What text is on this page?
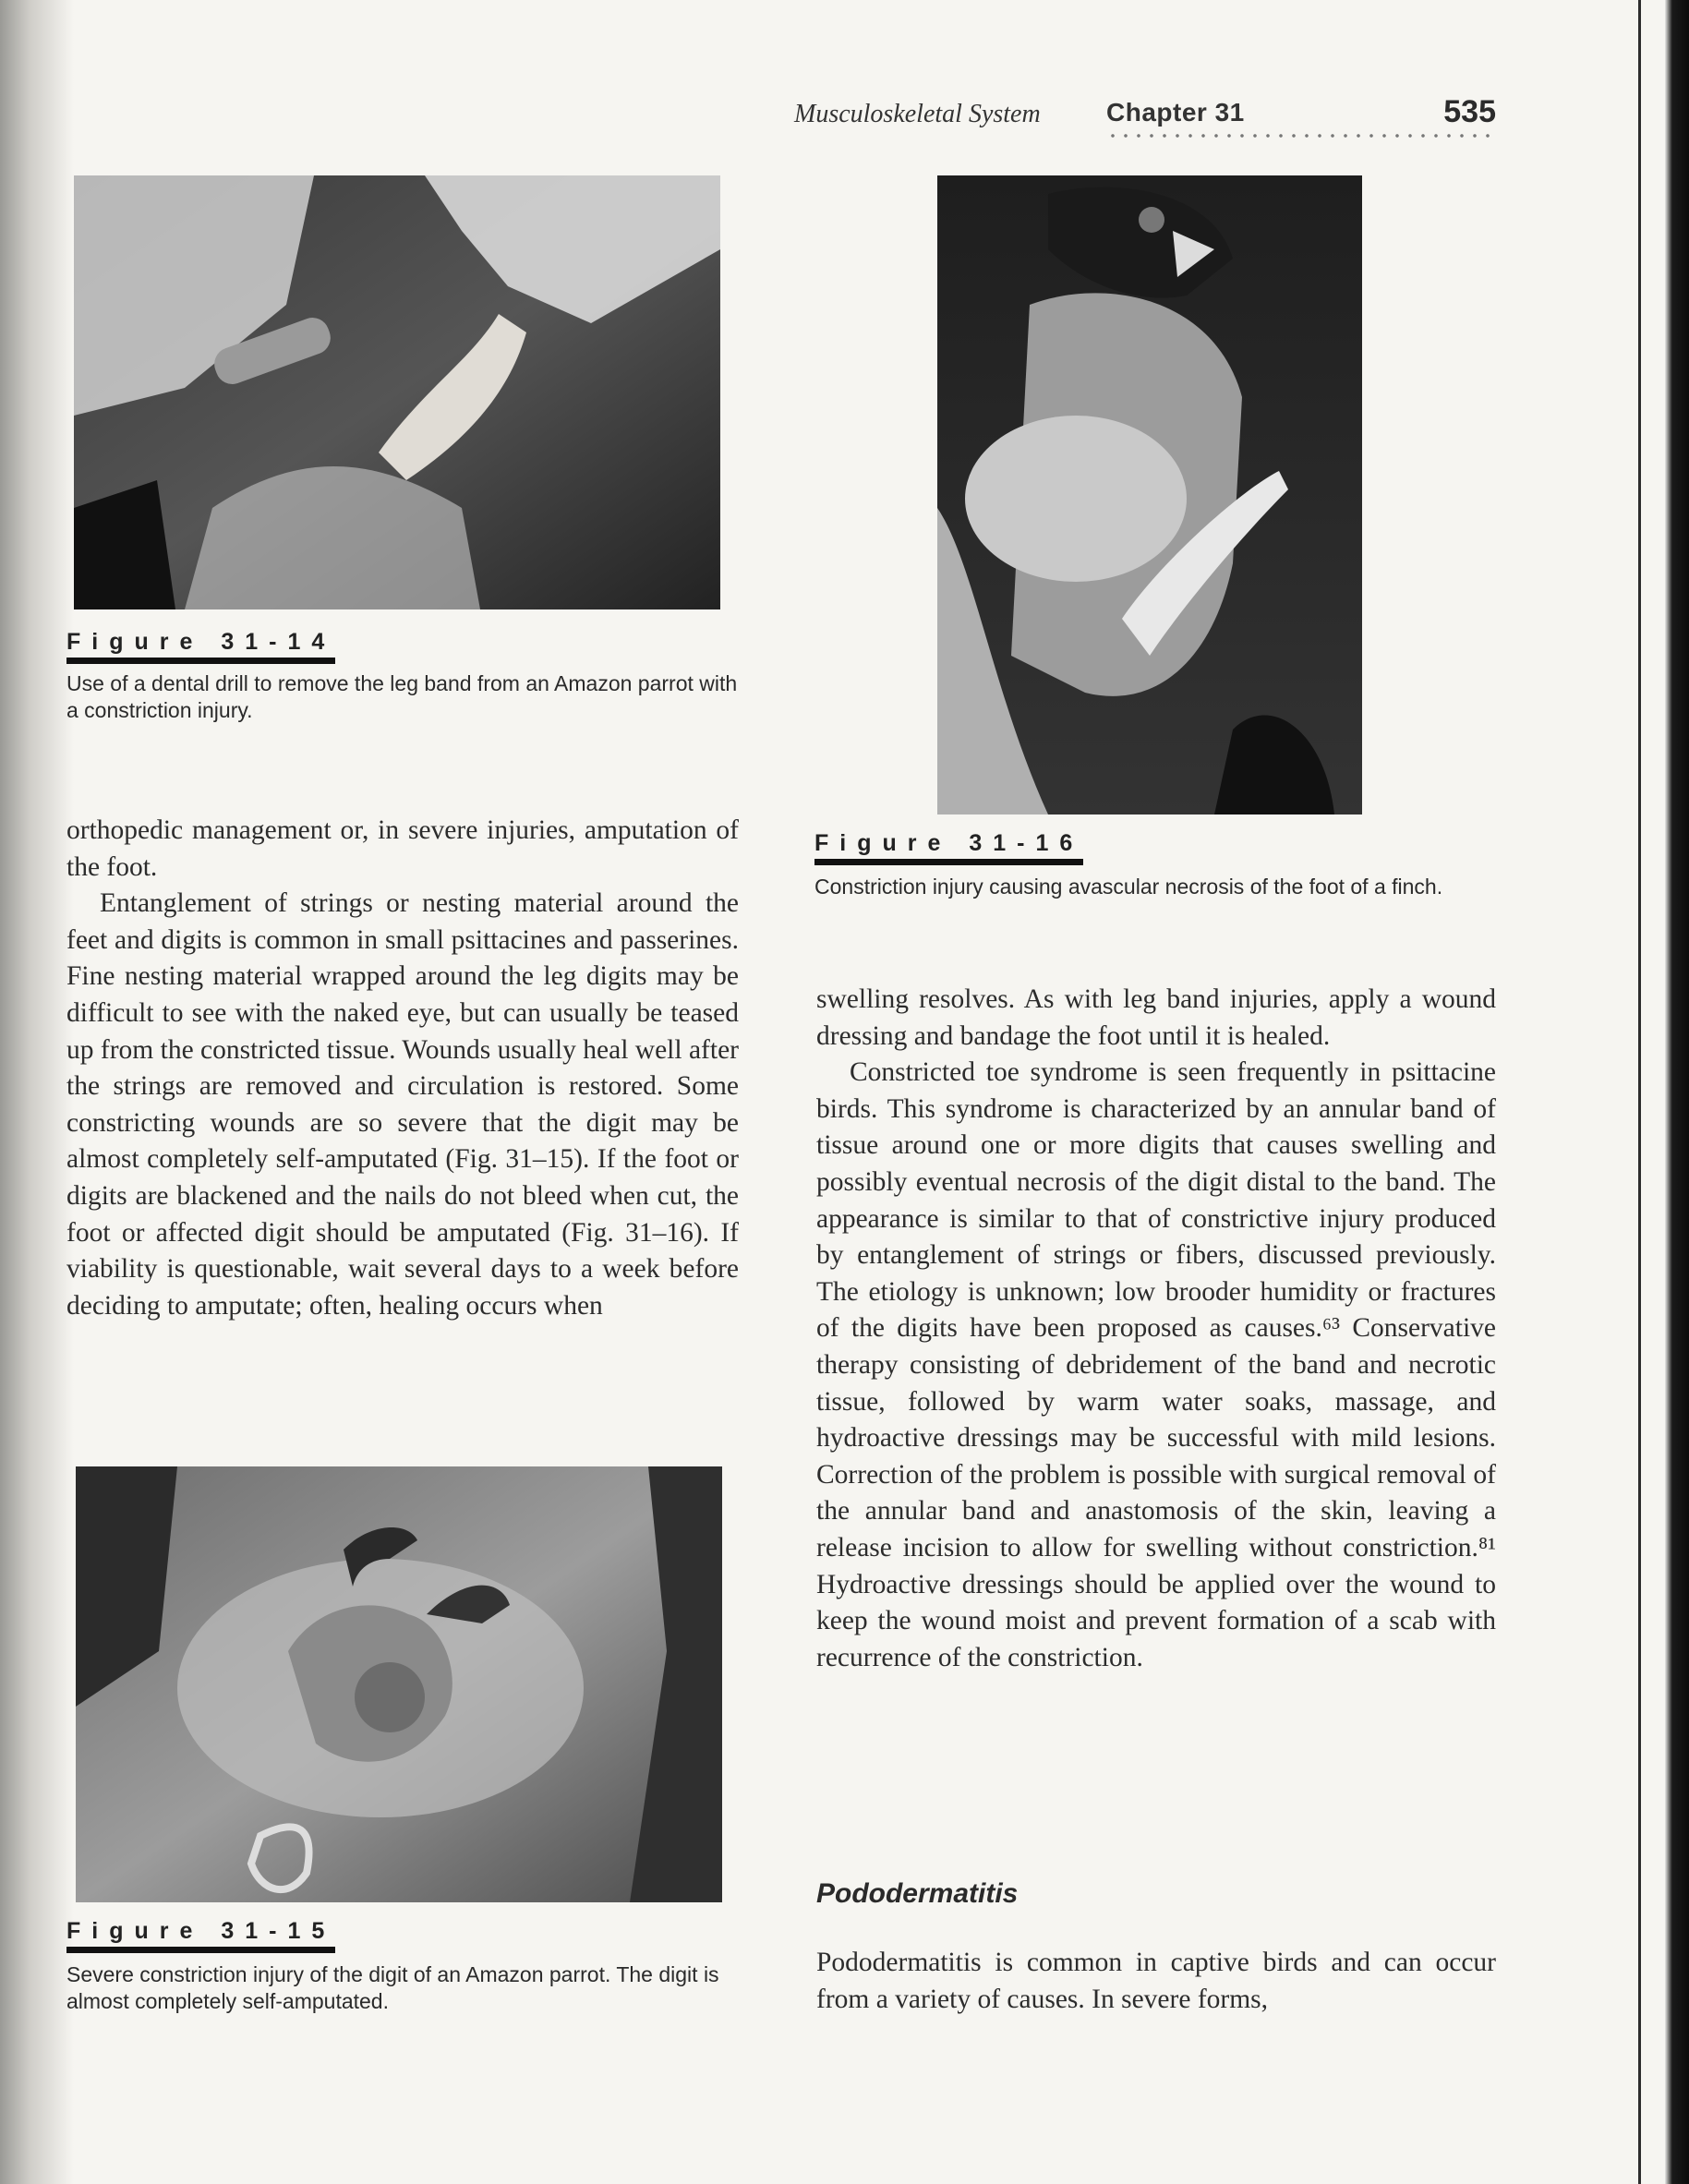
Musculoskeletal System	Chapter 31	535
Figure 31-14
Use of a dental drill to remove the leg band from an Amazon parrot with a constriction injury.

orthopedic management or, in severe injuries, amputation of the foot.

Entanglement of strings or nesting material around the feet and digits is common in small psittacines and passerines. Fine nesting material wrapped around the leg digits may be difficult to see with the naked eye, but can usually be teased up from the constricted tissue. Wounds usually heal well after the strings are removed and circulation is restored. Some constricting wounds are so severe that the digit may be almost completely self-amputated (Fig. 31–15). If the foot or digits are blackened and the nails do not bleed when cut, the foot or affected digit should be amputated (Fig. 31–16). If viability is questionable, wait several days to a week before deciding to amputate; often, healing occurs when

Figure 31-15
Severe constriction injury of the digit of an Amazon parrot. The digit is almost completely self-amputated.
Figure 31-16
Constriction injury causing avascular necrosis of the foot of a finch.

swelling resolves. As with leg band injuries, apply a wound dressing and bandage the foot until it is healed.

Constricted toe syndrome is seen frequently in psittacine birds. This syndrome is characterized by an annular band of tissue around one or more digits that causes swelling and possibly eventual necrosis of the digit distal to the band. The appearance is similar to that of constrictive injury produced by entanglement of strings or fibers, discussed previously. The etiology is unknown; low brooder humidity or fractures of the digits have been proposed as causes.⁶³ Conservative therapy consisting of debridement of the band and necrotic tissue, followed by warm water soaks, massage, and hydroactive dressings may be successful with mild lesions. Correction of the problem is possible with surgical removal of the annular band and anastomosis of the skin, leaving a release incision to allow for swelling without constriction.⁸¹ Hydroactive dressings should be applied over the wound to keep the wound moist and prevent formation of a scab with recurrence of the constriction.

Pododermatitis

Pododermatitis is common in captive birds and can occur from a variety of causes. In severe forms,
